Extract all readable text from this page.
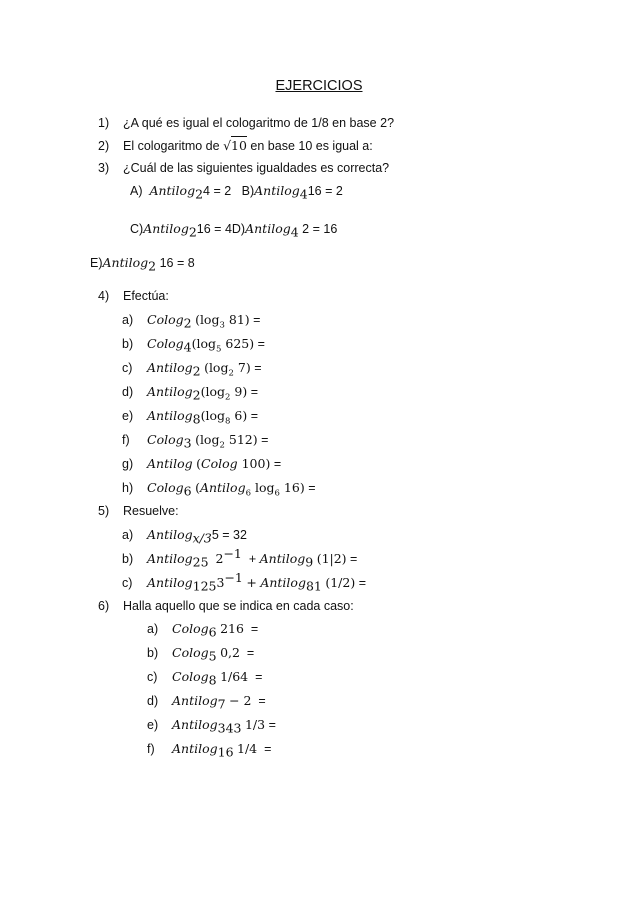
EJERCICIOS
1) ¿A qué es igual el cologaritmo de 1/8 en base 2?
2) El cologaritmo de √10 en base 10 es igual a:
3) ¿Cuál de las siguientes igualdades es correcta?
A) Antilog$_2$4 = 2 B)Antilog$_4$16 = 2
C)Antilog$_2$16 = 4D)Antilog$_4$ 2 = 16
E)Antilog$_2$ 16 = 8
4) Efectúa:
a) Colog$_2$ ($\log_3$ 81) =
b) $Colog_4(\log_5$ 625) =
c) Antilog$_2$ ($\log_2$ 7) =
d) $Antilog_2(\log_2$ 9) =
e) $Antilog_8(\log_8$ 6) =
f) Colog$_3$ ($\log_2$ 512) =
g) Antilog (Colog 100) =
h) Colog$_6$ (Antilog$_6$ $\log_6 16$) =
5) Resuelve:
a) Antilog$_{x/3}$5 = 32
b) Antilog$_{25}$ $2^{-1}$ + Antilog$_9$ (1|2) =
c) $Antilog_{125}3^{-1}$ + Antilog$_{81}$ (1/2) =
6) Halla aquello que se indica en cada caso:
a) Colog$_6$ 216 =
b) Colog$_5$ 0,2 =
c) Colog$_8$ 1/64 =
d) Antilog$_7$ − 2 =
e) Antilog$_{343}$ 1/3 =
f) Antilog$_{16}$ 1/4 =
